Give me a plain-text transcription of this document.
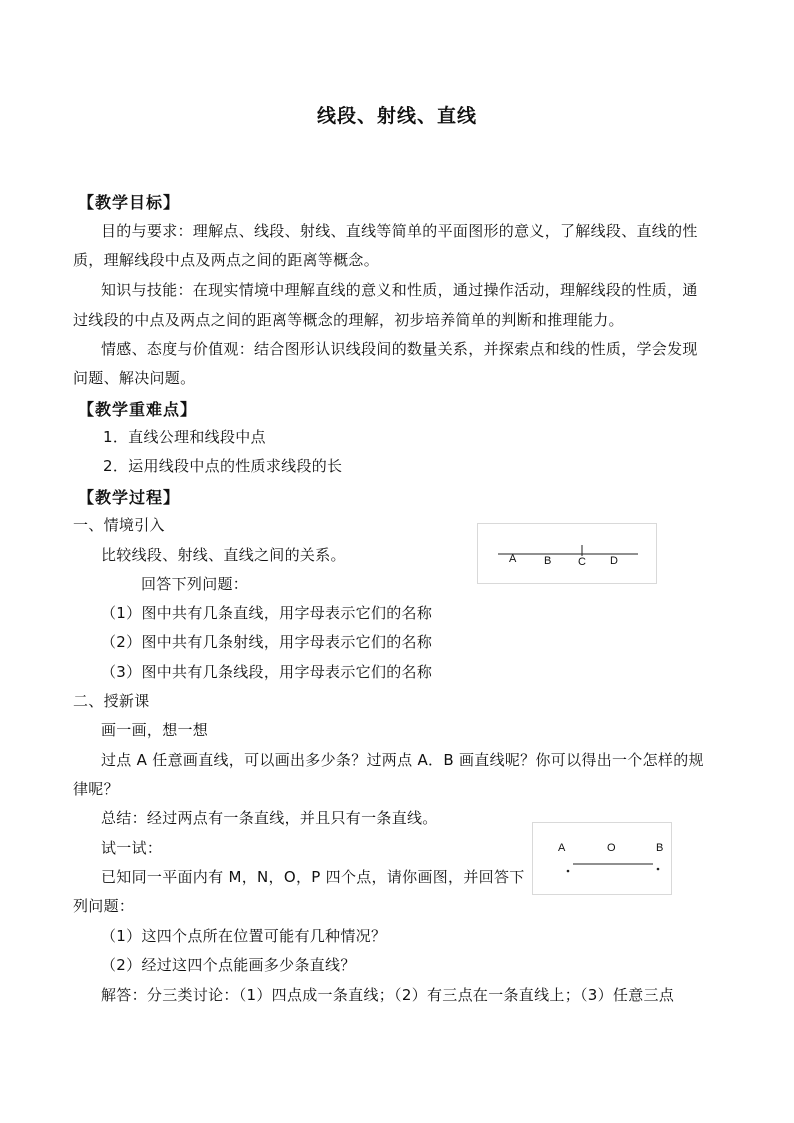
线段、射线、直线
【教学目标】
目的与要求：理解点、线段、射线、直线等简单的平面图形的意义，了解线段、直线的性
质，理解线段中点及两点之间的距离等概念。
知识与技能：在现实情境中理解直线的意义和性质，通过操作活动，理解线段的性质，通
过线段的中点及两点之间的距离等概念的理解，初步培养简单的判断和推理能力。
情感、态度与价值观：结合图形认识线段间的数量关系，并探索点和线的性质，学会发现
问题、解决问题。
【教学重难点】
1．直线公理和线段中点
2．运用线段中点的性质求线段的长
【教学过程】
一、情境引入
比较线段、射线、直线之间的关系。	A	B C D
回答下列问题：
（1）图中共有几条直线，用字母表示它们的名称
（2）图中共有几条射线，用字母表示它们的名称
（3）图中共有几条线段，用字母表示它们的名称
二、授新课
画一画，想一想
过点 A 任意画直线，可以画出多少条？过两点 A．B 画直线呢？你可以得出一个怎样的规
律呢？
总结：经过两点有一条直线，并且只有一条直线。
试一试：	A	O	B
已知同一平面内有 M，N，O，P 四个点，请你画图，并回答下
列问题：
（1）这四个点所在位置可能有几种情况？
（2）经过这四个点能画多少条直线？
解答：分三类讨论：（1）四点成一条直线；（2）有三点在一条直线上；（3）任意三点
